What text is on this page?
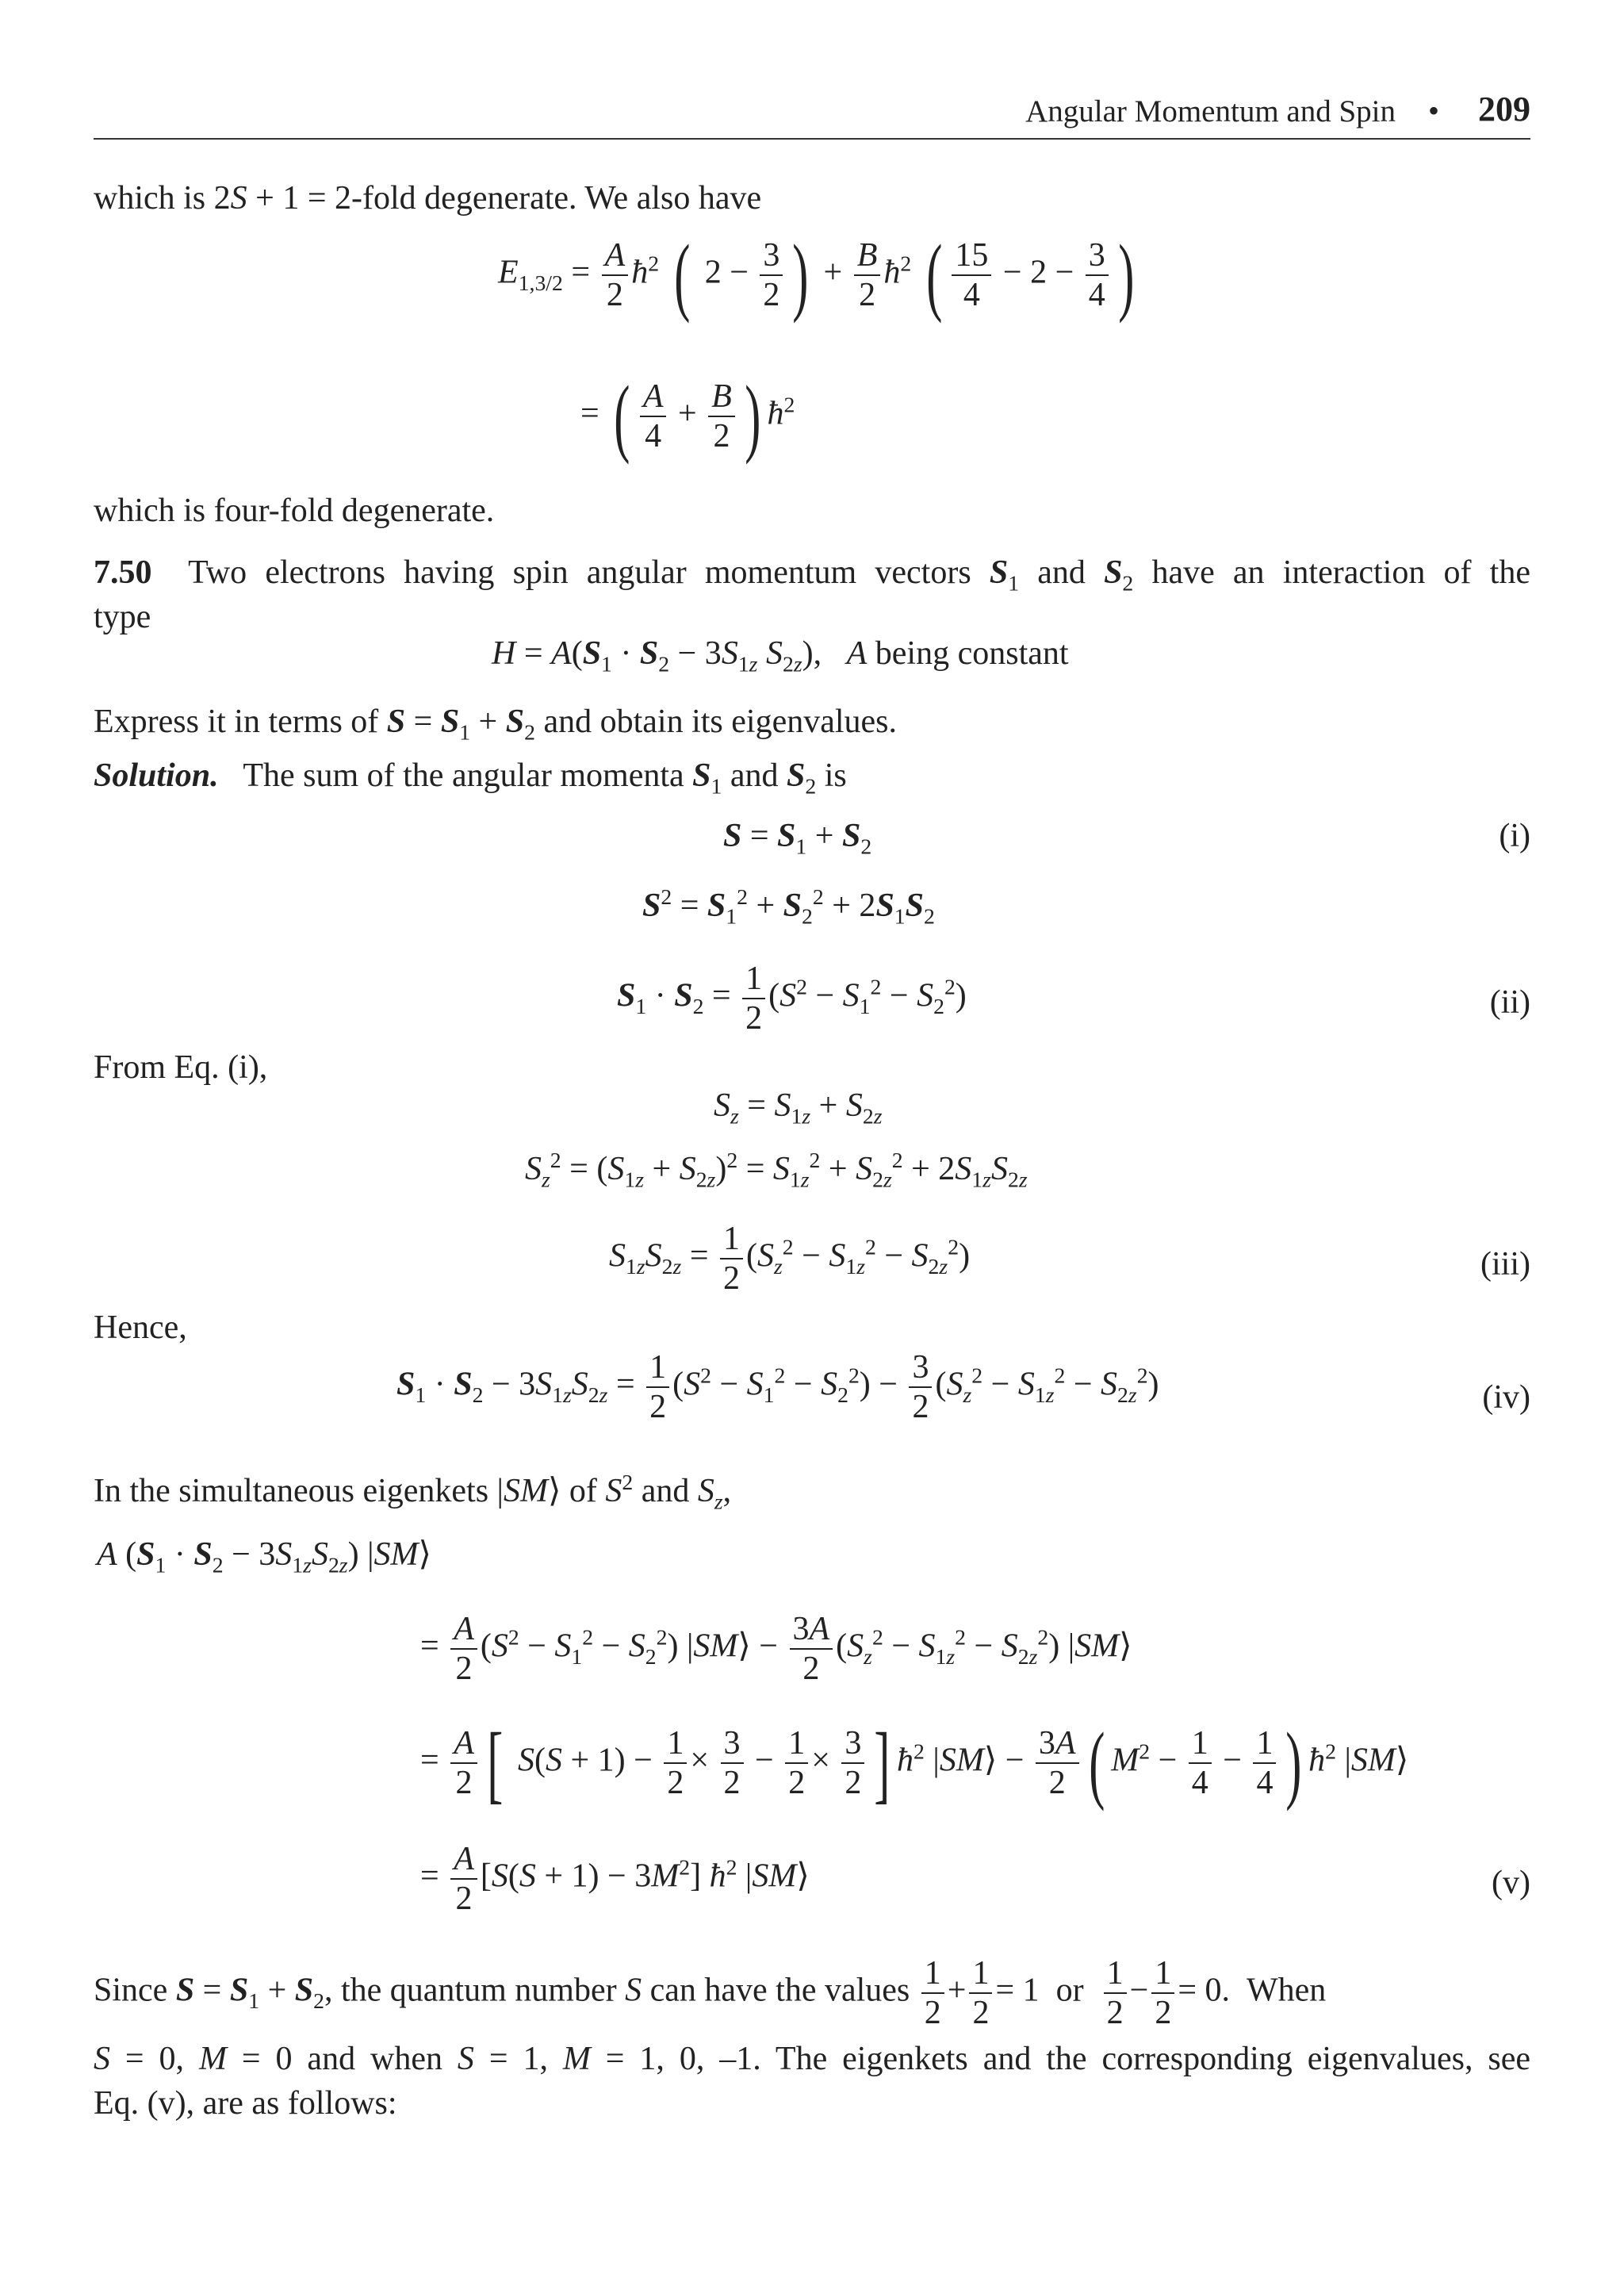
Angular Momentum and Spin • 209
which is 2S + 1 = 2-fold degenerate. We also have
$E_{1,3/2} = \frac{A}{2}$ $ħ^2$ ( $2 - \frac{3}{2}$ ) + $\frac{B}{2}$ $ħ^2$ ( $\frac{15}{4} - 2 - \frac{3}{4}$ )
= ( $\frac{A}{4} + \frac{B}{2}$ ) $ħ^2$
which is four-fold degenerate.
7.50  Two electrons having spin angular momentum vectors $S_1$ and $S_2$ have an interaction of the
type
$H = A(S_1 \cdot S_2 - 3S_{1z}$ $S_{2z}$),   A being constant
Express it in terms of $S = S_1 + S_2$ and obtain its eigenvalues.
Solution.   The sum of the angular momenta $S_1$ and $S_2$ is
$S = S_1 + S_2$	(i)
$S^2 = S_1^2 + S_2^2 + 2S_1S_2$
$S_1 \cdot S_2 = \frac{1}{2} (S^2 - S_1^2 - S_2^2)$	(ii)
From Eq. (i),
$S_z = S_{1z} + S_{2z}$
$S_z^2 = (S_{1z} + S_{2z})^2 = S_{1z}^2 + S_{2z}^2 + 2S_{1z}S_{2z}$
$S_{1z}S_{2z} = \frac{1}{2} (S_z^2 - S_{1z}^2 - S_{2z}^2)$	(iii)
Hence,
$S_1 \cdot S_2 - 3S_{1z}S_{2z} = \frac{1}{2} (S^2 - S_1^2 - S_2^2) - \frac{3}{2} (S_z^2 - S_{1z}^2 - S_{2z}^2)$	(iv)
In the simultaneous eigenkets |SM⟩ of $S^2$ and $S_z$,
A $(S_1 \cdot S_2 - 3S_{1z}S_{2z})$ |SM⟩
= $\frac{A}{2} (S^2 - S_1^2 - S_2^2)$ |SM⟩ − $\frac{3A}{2} (S_z^2 - S_{1z}^2 - S_{2z}^2)$ |SM⟩
= $\frac{A}{2}$ [ $S(S + 1) - \frac{1}{2} \times \frac{3}{2} - \frac{1}{2} \times \frac{3}{2}$ ] $ħ^2$ |SM⟩ − $\frac{3A}{2}$ ( $M^2 - \frac{1}{4} - \frac{1}{4}$ ) $ħ^2$ |SM⟩
= $\frac{A}{2} [S(S + 1) - 3M^2]$ $ħ^2$ |SM⟩	(v)
Since $S = S_1 + S_2$, the quantum number S can have the values $\frac{1}{2} + \frac{1}{2} = 1$  or $\frac{1}{2} - \frac{1}{2} = 0$.  When
S = 0, M = 0 and when S = 1, M = 1, 0, –1. The eigenkets and the corresponding eigenvalues, see
Eq. (v), are as follows:
